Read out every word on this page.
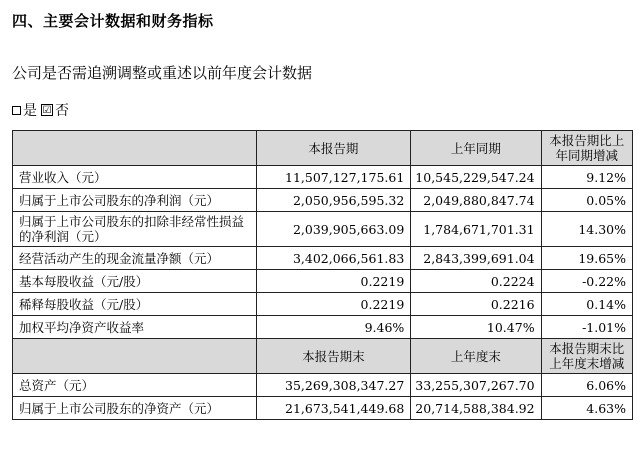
四、主要会计数据和财务指标
公司是否需追溯调整或重述以前年度会计数据
是 ☑ 否
	本报告期	上年同期	本报告期比上年同期增减
营业收入（元）	11,507,127,175.61	10,545,229,547.24	9.12%
归属于上市公司股东的净利润（元）	2,050,956,595.32	2,049,880,847.74	0.05%
归属于上市公司股东的扣除非经常性损益的净利润（元）	2,039,905,663.09	1,784,671,701.31	14.30%
经营活动产生的现金流量净额（元）	3,402,066,561.83	2,843,399,691.04	19.65%
基本每股收益（元/股）	0.2219	0.2224	-0.22%
稀释每股收益（元/股）	0.2219	0.2216	0.14%
加权平均净资产收益率	9.46%	10.47%	-1.01%
	本报告期末	上年度末	本报告期末比上年度末增减
总资产（元）	35,269,308,347.27	33,255,307,267.70	6.06%
归属于上市公司股东的净资产（元）	21,673,541,449.68	20,714,588,384.92	4.63%
